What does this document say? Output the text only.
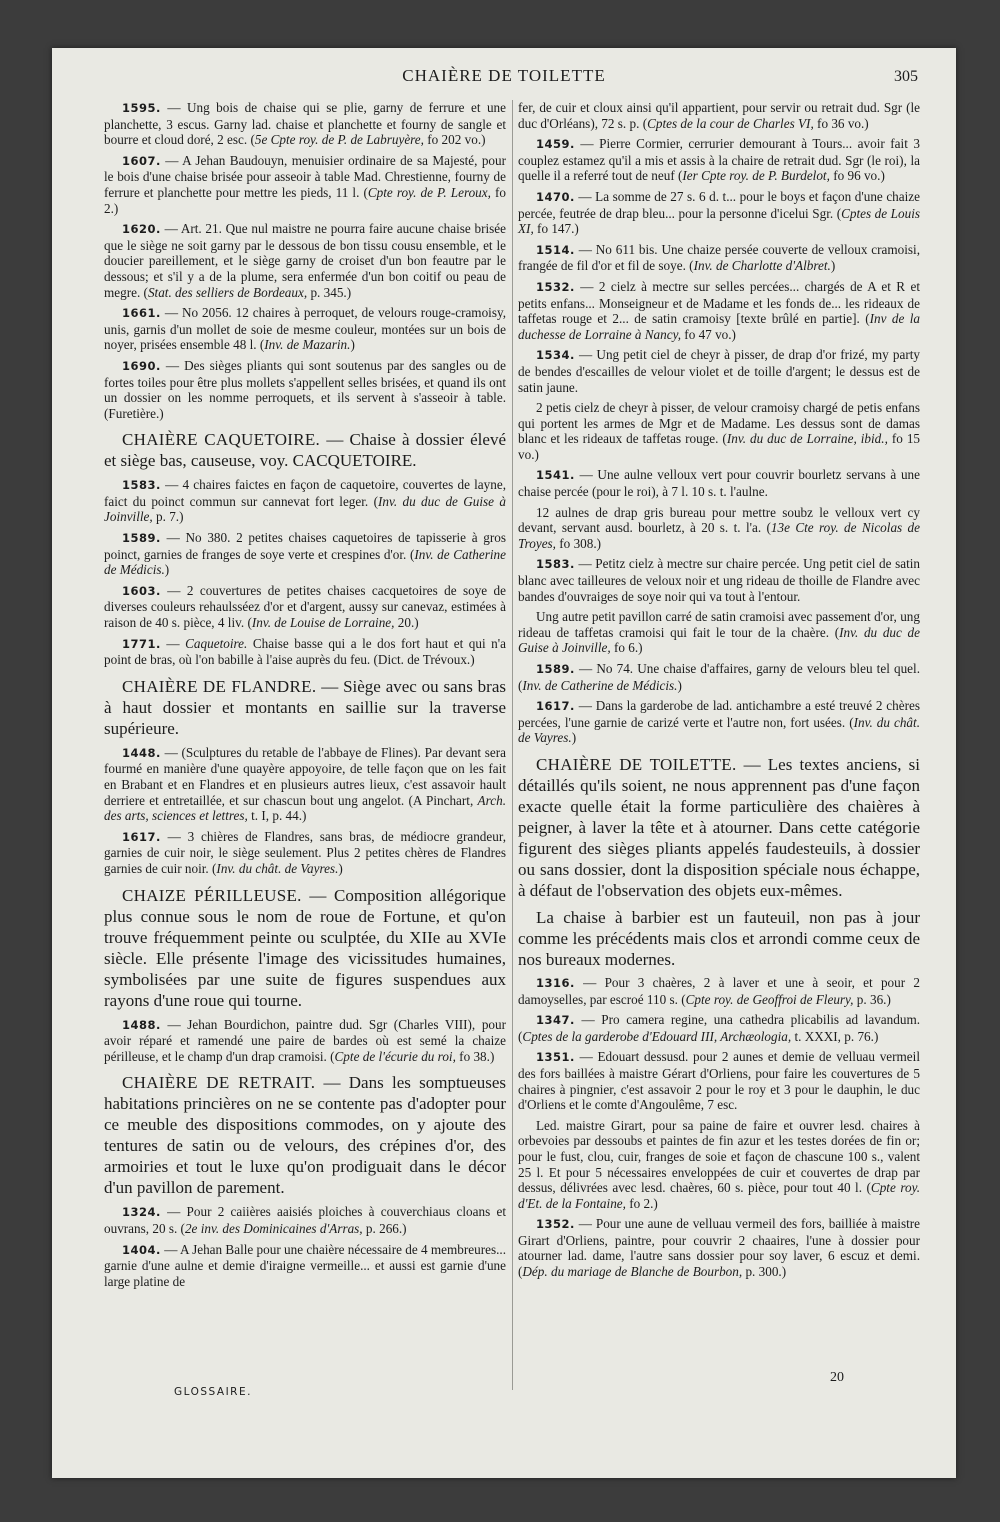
CHAIÈRE DE TOILETTE	305

1595. — Ung bois de chaise qui se plie, garny de ferrure et une planchette, 3 escus. Garny lad. chaise et planchette et fourny de sangle et bourre et cloud doré, 2 esc. (5e Cpte roy. de P. de Labruyère, fo 202 vo.)

1607. — A Jehan Baudouyn, menuisier ordinaire de sa Majesté, pour le bois d'une chaise brisée pour asseoir à table Mad. Chrestienne, fourny de ferrure et planchette pour mettre les pieds, 11 l. (Cpte roy. de P. Leroux, fo 2.)

1620. — Art. 21. Que nul maistre ne pourra faire aucune chaise brisée que le siège ne soit garny par le dessous de bon tissu cousu ensemble, et le doucier pareillement, et le siège garny de croiset d'un bon feautre par le dessous; et s'il y a de la plume, sera enfermée d'un bon coitif ou peau de megre. (Stat. des selliers de Bordeaux, p. 345.)

1661. — No 2056. 12 chaires à perroquet, de velours rouge-cramoisy, unis, garnis d'un mollet de soie de mesme couleur, montées sur un bois de noyer, prisées ensemble 48 l. (Inv. de Mazarin.)

1690. — Des sièges pliants qui sont soutenus par des sangles ou de fortes toiles pour être plus mollets s'appellent selles brisées, et quand ils ont un dossier on les nomme perroquets, et ils servent à s'asseoir à table. (Furetière.)

CHAIÈRE CAQUETOIRE. — Chaise à dossier élevé et siège bas, causeuse, voy. CACQUETOIRE.

1583. — 4 chaires faictes en façon de caquetoire, couvertes de layne, faict du poinct commun sur cannevat fort leger. (Inv. du duc de Guise à Joinville, p. 7.)

1589. — No 380. 2 petites chaises caquetoires de tapisserie à gros poinct, garnies de franges de soye verte et crespines d'or. (Inv. de Catherine de Médicis.)

1603. — 2 couvertures de petites chaises cacquetoires de soye de diverses couleurs rehaulsséez d'or et d'argent, aussy sur canevaz, estimées à raison de 40 s. pièce, 4 liv. (Inv. de Louise de Lorraine, 20.)

1771. — Caquetoire. Chaise basse qui a le dos fort haut et qui n'a point de bras, où l'on babille à l'aise auprès du feu. (Dict. de Trévoux.)

CHAIÈRE DE FLANDRE. — Siège avec ou sans bras à haut dossier et montants en saillie sur la traverse supérieure.

1448. — (Sculptures du retable de l'abbaye de Flines). Par devant sera fourmé en manière d'une quayère appoyoire, de telle façon que on les fait en Brabant et en Flandres et en plusieurs autres lieux, c'est assavoir hault derriere et entretaillée, et sur chascun bout ung angelot. (A Pinchart, Arch. des arts, sciences et lettres, t. I, p. 44.)

1617. — 3 chières de Flandres, sans bras, de médiocre grandeur, garnies de cuir noir, le siège seulement. Plus 2 petites chères de Flandres garnies de cuir noir. (Inv. du chât. de Vayres.)

CHAIZE PÉRILLEUSE. — Composition allégorique plus connue sous le nom de roue de Fortune, et qu'on trouve fréquemment peinte ou sculptée, du XIIe au XVIe siècle. Elle présente l'image des vicissitudes humaines, symbolisées par une suite de figures suspendues aux rayons d'une roue qui tourne.

1488. — Jehan Bourdichon, paintre dud. Sgr (Charles VIII), pour avoir réparé et ramendé une paire de bardes où est semé la chaize périlleuse, et le champ d'un drap cramoisi. (Cpte de l'écurie du roi, fo 38.)

CHAIÈRE DE RETRAIT. — Dans les somptueuses habitations princières on ne se contente pas d'adopter pour ce meuble des dispositions commodes, on y ajoute des tentures de satin ou de velours, des crépines d'or, des armoiries et tout le luxe qu'on prodiguait dans le décor d'un pavillon de parement.

1324. — Pour 2 caiières aaisiés ploiches à couverchiaus cloans et ouvrans, 20 s. (2e inv. des Dominicaines d'Arras, p. 266.)

1404. — A Jehan Balle pour une chaière nécessaire de 4 membreures... garnie d'une aulne et demie d'iraigne vermeille... et aussi est garnie d'une large platine de

fer, de cuir et cloux ainsi qu'il appartient, pour servir ou retrait dud. Sgr (le duc d'Orléans), 72 s. p. (Cptes de la cour de Charles VI, fo 36 vo.)

1459. — Pierre Cormier, cerrurier demourant à Tours... avoir fait 3 couplez estamez qu'il a mis et assis à la chaire de retrait dud. Sgr (le roi), la quelle il a referré tout de neuf (Ier Cpte roy. de P. Burdelot, fo 96 vo.)

1470. — La somme de 27 s. 6 d. t... pour le boys et façon d'une chaize percée, feutrée de drap bleu... pour la personne d'icelui Sgr. (Cptes de Louis XI, fo 147.)

1514. — No 611 bis. Une chaize persée couverte de velloux cramoisi, frangée de fil d'or et fil de soye. (Inv. de Charlotte d'Albret.)

1532. — 2 cielz à mectre sur selles percées... chargés de A et R et petits enfans... Monseigneur et de Madame et les fonds de... les rideaux de taffetas rouge et 2... de satin cramoisy [texte brûlé en partie]. (Inv de la duchesse de Lorraine à Nancy, fo 47 vo.)

1534. — Ung petit ciel de cheyr à pisser, de drap d'or frizé, my party de bendes d'escailles de velour violet et de toille d'argent; le dessus est de satin jaune.

2 petis cielz de cheyr à pisser, de velour cramoisy chargé de petis enfans qui portent les armes de Mgr et de Madame. Les dessus sont de damas blanc et les rideaux de taffetas rouge. (Inv. du duc de Lorraine, ibid., fo 15 vo.)

1541. — Une aulne velloux vert pour couvrir bourletz servans à une chaise percée (pour le roi), à 7 l. 10 s. t. l'aulne.

12 aulnes de drap gris bureau pour mettre soubz le velloux vert cy devant, servant ausd. bourletz, à 20 s. t. l'a. (13e Cte roy. de Nicolas de Troyes, fo 308.)

1583. — Petitz cielz à mectre sur chaire percée. Ung petit ciel de satin blanc avec tailleures de veloux noir et ung rideau de thoille de Flandre avec bandes d'ouvraiges de soye noir qui va tout à l'entour.

Ung autre petit pavillon carré de satin cramoisi avec passement d'or, ung rideau de taffetas cramoisi qui fait le tour de la chaère. (Inv. du duc de Guise à Joinville, fo 6.)

1589. — No 74. Une chaise d'affaires, garny de velours bleu tel quel. (Inv. de Catherine de Médicis.)

1617. — Dans la garderobe de lad. antichambre a esté treuvé 2 chères percées, l'une garnie de carizé verte et l'autre non, fort usées. (Inv. du chât. de Vayres.)

CHAIÈRE DE TOILETTE. — Les textes anciens, si détaillés qu'ils soient, ne nous apprennent pas d'une façon exacte quelle était la forme particulière des chaières à peigner, à laver la tête et à atourner. Dans cette catégorie figurent des sièges pliants appelés faudesteuils, à dossier ou sans dossier, dont la disposition spéciale nous échappe, à défaut de l'observation des objets eux-mêmes.

La chaise à barbier est un fauteuil, non pas à jour comme les précédents mais clos et arrondi comme ceux de nos bureaux modernes.

1316. — Pour 3 chaères, 2 à laver et une à seoir, et pour 2 damoyselles, par escroé 110 s. (Cpte roy. de Geoffroi de Fleury, p. 36.)

1347. — Pro camera regine, una cathedra plicabilis ad lavandum. (Cptes de la garderobe d'Edouard III, Archæologia, t. XXXI, p. 76.)

1351. — Edouart dessusd. pour 2 aunes et demie de velluau vermeil des fors baillées à maistre Gérart d'Orliens, pour faire les couvertures de 5 chaires à pingnier, c'est assavoir 2 pour le roy et 3 pour le dauphin, le duc d'Orliens et le comte d'Angoulême, 7 esc.

Led. maistre Girart, pour sa paine de faire et ouvrer lesd. chaires à orbevoies par dessoubs et paintes de fin azur et les testes dorées de fin or; pour le fust, clou, cuir, franges de soie et façon de chascune 100 s., valent 25 l. Et pour 5 nécessaires enveloppées de cuir et couvertes de drap par dessus, délivrées avec lesd. chaères, 60 s. pièce, pour tout 40 l. (Cpte roy. d'Et. de la Fontaine, fo 2.)

1352. — Pour une aune de velluau vermeil des fors, bailliée à maistre Girart d'Orliens, paintre, pour couvrir 2 chaaires, l'une à dossier pour atourner lad. dame, l'autre sans dossier pour soy laver, 6 escuz et demi. (Dép. du mariage de Blanche de Bourbon, p. 300.)

GLOSSAIRE.
20
